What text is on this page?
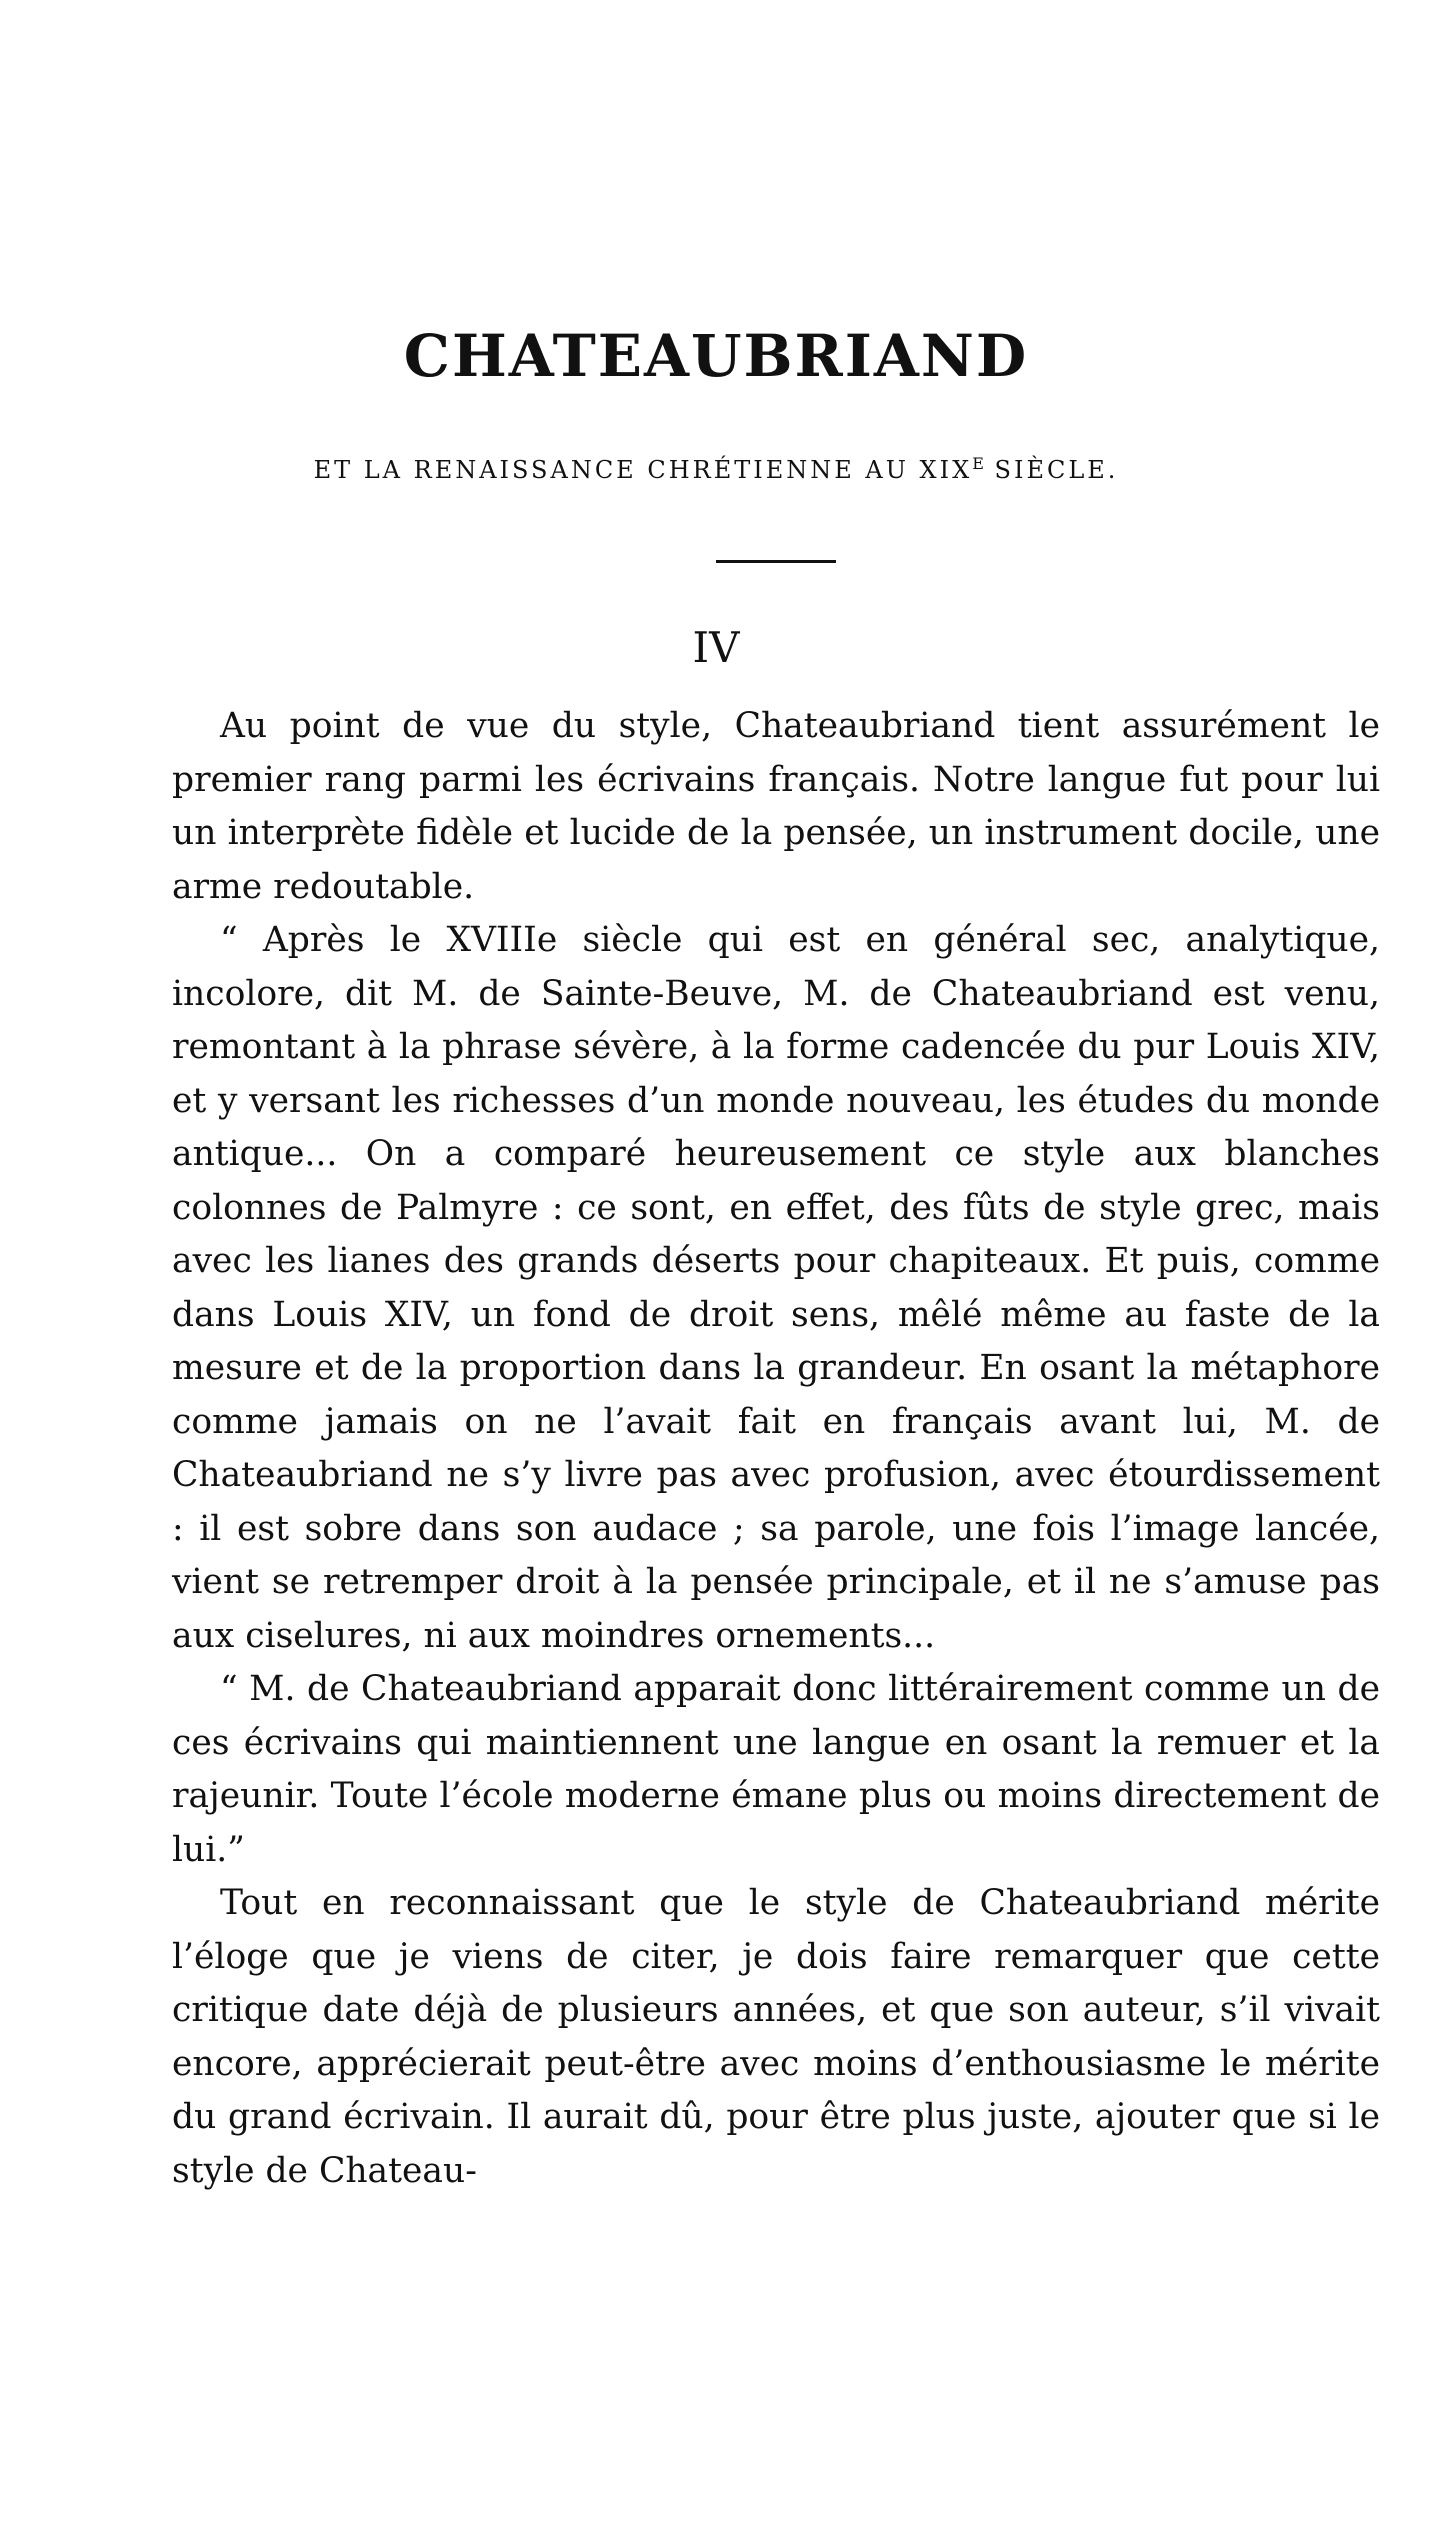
CHATEAUBRIAND
ET LA RENAISSANCE CHRÉTIENNE AU $XIX^E$ SIÈCLE.
IV

Au point de vue du style, Chateaubriand tient assurément le premier rang parmi les écrivains français. Notre langue fut pour lui un interprète fidèle et lucide de la pensée, un instrument docile, une arme redoutable.

“ Après le XVIIIe siècle qui est en général sec, analytique, incolore, dit M. de Sainte-Beuve, M. de Chateaubriand est venu, remontant à la phrase sévère, à la forme cadencée du pur Louis XIV, et y versant les richesses d’un monde nouveau, les études du monde antique... On a comparé heureusement ce style aux blanches colonnes de Palmyre : ce sont, en effet, des fûts de style grec, mais avec les lianes des grands déserts pour chapiteaux. Et puis, comme dans Louis XIV, un fond de droit sens, mêlé même au faste de la mesure et de la proportion dans la grandeur. En osant la métaphore comme jamais on ne l’avait fait en français avant lui, M. de Chateaubriand ne s’y livre pas avec profusion, avec étourdissement : il est sobre dans son audace ; sa parole, une fois l’image lancée, vient se retremper droit à la pensée principale, et il ne s’amuse pas aux ciselures, ni aux moindres ornements...

“ M. de Chateaubriand apparait donc littérairement comme un de ces écrivains qui maintiennent une langue en osant la remuer et la rajeunir. Toute l’école moderne émane plus ou moins directement de lui.”

Tout en reconnaissant que le style de Chateaubriand mérite l’éloge que je viens de citer, je dois faire remarquer que cette critique date déjà de plusieurs années, et que son auteur, s’il vivait encore, apprécierait peut-être avec moins d’enthousiasme le mérite du grand écrivain. Il aurait dû, pour être plus juste, ajouter que si le style de Chateau-
